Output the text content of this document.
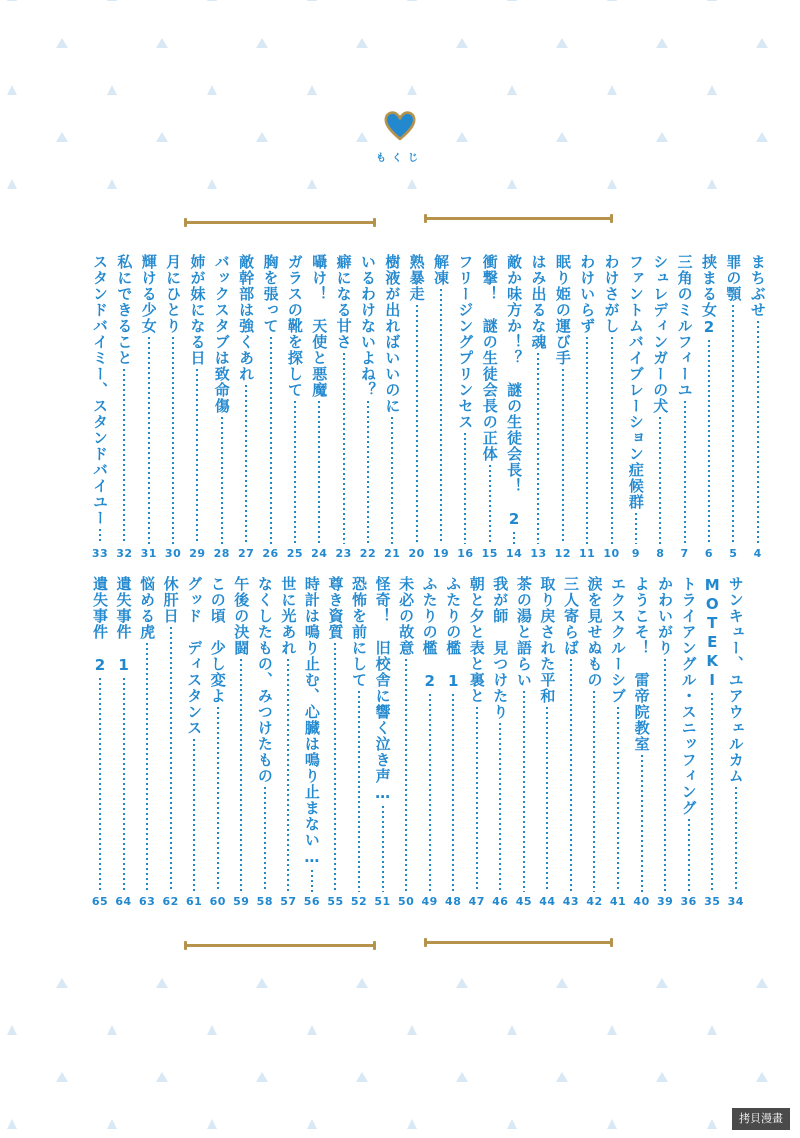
もくじ
まちぶせ
4
罪の顎
5
挟まる女2
6
三角のミルフィーユ
7
シュレディンガーの犬
8
ファントムバイブレーション症候群
9
わけさがし
10
わけいらず
11
眠り姫の運び手
12
はみ出るな魂
13
敵か味方か！？　謎の生徒会長！　2
14
衝撃！　謎の生徒会長の正体
15
フリージングプリンセス
16
解凍
19
熟暴走
20
樹液が出ればいいのに
21
いるわけないよね？
22
癖になる甘さ
23
囁け！　天使と悪魔
24
ガラスの靴を探して
25
胸を張って
26
敵幹部は強くあれ
27
バックスタブは致命傷
28
姉が妹になる日
29
月にひとり
30
輝ける少女
31
私にできること
32
スタンドバイミー、スタンドバイユー
33
サンキュー、ユアウェルカム
34
MOTEKI
35
トライアングル・スニッフィング
36
かわいがり
39
ようこそ！　雷帝院教室
40
エクスクルーシブ
41
涙を見せぬもの
42
三人寄らば
43
取り戻された平和
44
茶の湯と語らい
45
我が師　見つけたり
46
朝と夕と表と裏と
47
ふたりの檻　1
48
ふたりの檻　2
49
未必の故意
50
怪奇！　旧校舎に響く泣き声…
51
恐怖を前にして
52
尊き資質
55
時計は鳴り止む、心臓は鳴り止まない…
56
世に光あれ
57
なくしたもの、みつけたもの
58
午後の決闘
59
この頃　少し変よ
60
グッド　ディスタンス
61
休肝日
62
悩める虎
63
遺失事件　1
64
遺失事件　2
65
拷貝漫畫
